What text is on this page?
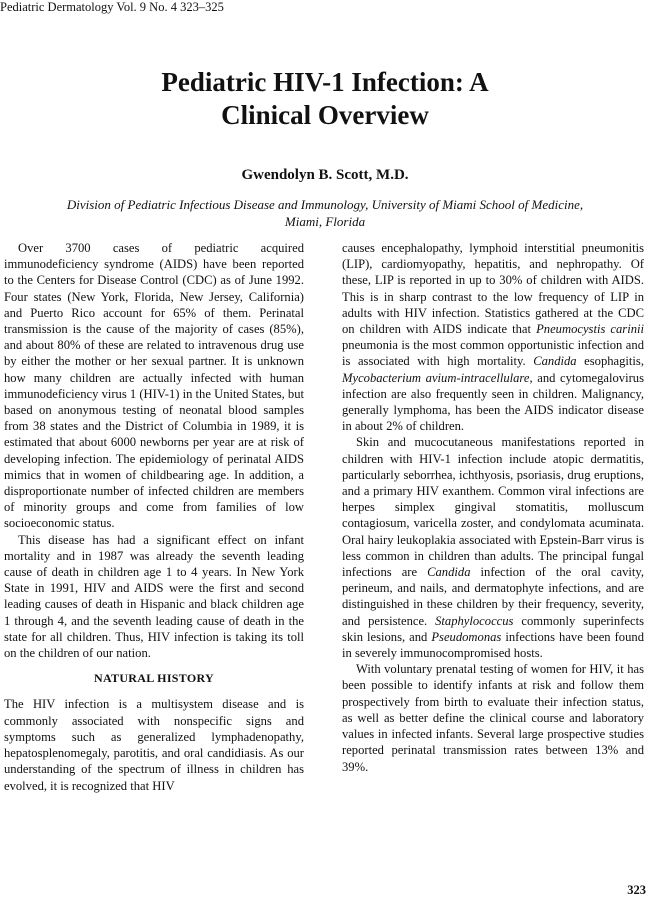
Pediatric Dermatology Vol. 9 No. 4 323–325
Pediatric HIV-1 Infection: A
Clinical Overview
Gwendolyn B. Scott, M.D.
Division of Pediatric Infectious Disease and Immunology, University of Miami School of Medicine,
Miami, Florida

Over 3700 cases of pediatric acquired immunodeficiency syndrome (AIDS) have been reported to the Centers for Disease Control (CDC) as of June 1992. Four states (New York, Florida, New Jersey, California) and Puerto Rico account for 65% of them. Perinatal transmission is the cause of the majority of cases (85%), and about 80% of these are related to intravenous drug use by either the mother or her sexual partner. It is unknown how many children are actually infected with human immunodeficiency virus 1 (HIV-1) in the United States, but based on anonymous testing of neonatal blood samples from 38 states and the District of Columbia in 1989, it is estimated that about 6000 newborns per year are at risk of developing infection. The epidemiology of perinatal AIDS mimics that in women of childbearing age. In addition, a disproportionate number of infected children are members of minority groups and come from families of low socioeconomic status.

This disease has had a significant effect on infant mortality and in 1987 was already the seventh leading cause of death in children age 1 to 4 years. In New York State in 1991, HIV and AIDS were the first and second leading causes of death in Hispanic and black children age 1 through 4, and the seventh leading cause of death in the state for all children. Thus, HIV infection is taking its toll on the children of our nation.

NATURAL HISTORY

The HIV infection is a multisystem disease and is commonly associated with nonspecific signs and symptoms such as generalized lymphadenopathy, hepatosplenomegaly, parotitis, and oral candidiasis. As our understanding of the spectrum of illness in children has evolved, it is recognized that HIV

causes encephalopathy, lymphoid interstitial pneumonitis (LIP), cardiomyopathy, hepatitis, and nephropathy. Of these, LIP is reported in up to 30% of children with AIDS. This is in sharp contrast to the low frequency of LIP in adults with HIV infection. Statistics gathered at the CDC on children with AIDS indicate that Pneumocystis carinii pneumonia is the most common opportunistic infection and is associated with high mortality. Candida esophagitis, Mycobacterium avium-intracellulare, and cytomegalovirus infection are also frequently seen in children. Malignancy, generally lymphoma, has been the AIDS indicator disease in about 2% of children.

Skin and mucocutaneous manifestations reported in children with HIV-1 infection include atopic dermatitis, particularly seborrhea, ichthyosis, psoriasis, drug eruptions, and a primary HIV exanthem. Common viral infections are herpes simplex gingival stomatitis, molluscum contagiosum, varicella zoster, and condylomata acuminata. Oral hairy leukoplakia associated with Epstein-Barr virus is less common in children than adults. The principal fungal infections are Candida infection of the oral cavity, perineum, and nails, and dermatophyte infections, and are distinguished in these children by their frequency, severity, and persistence. Staphylococcus commonly superinfects skin lesions, and Pseudomonas infections have been found in severely immunocompromised hosts.

With voluntary prenatal testing of women for HIV, it has been possible to identify infants at risk and follow them prospectively from birth to evaluate their infection status, as well as better define the clinical course and laboratory values in infected infants. Several large prospective studies reported perinatal transmission rates between 13% and 39%.

323
